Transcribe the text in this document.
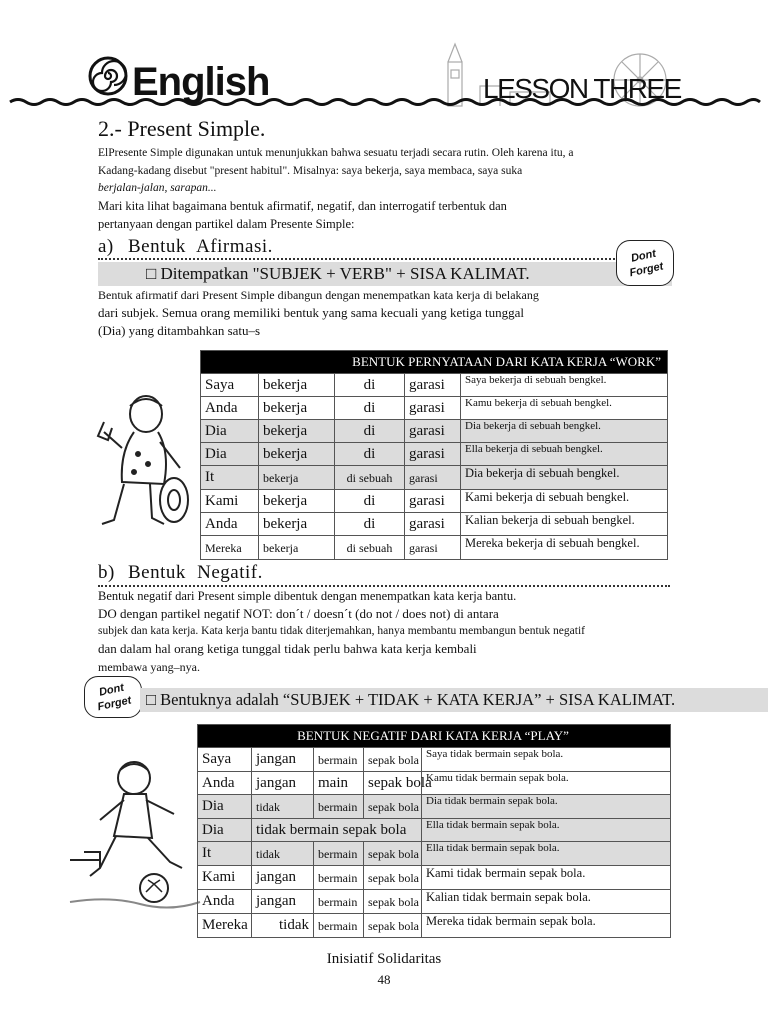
English	LESSON THREE
2.- Present Simple.
ElPresente Simple digunakan untuk menunjukkan bahwa sesuatu terjadi secara rutin. Oleh karena itu, a
Kadang-kadang disebut "present habitul". Misalnya: saya bekerja, saya membaca, saya suka
berjalan-jalan, sarapan...
Mari kita lihat bagaimana bentuk afirmatif, negatif, dan interrogatif terbentuk dan
pertanyaan dengan partikel dalam Presente Simple:
a) Bentuk Afirmasi.
□ Ditempatkan "SUBJEK + VERB" + SISA KALIMAT.
Dont
Forget
Bentuk afirmatif dari Present Simple dibangun dengan menempatkan kata kerja di belakang
dari subjek. Semua orang memiliki bentuk yang sama kecuali yang ketiga tunggal
(Dia) yang ditambahkan satu–s
BENTUK PERNYATAAN DARI KATA KERJA “WORK”				
Saya	bekerja	di	garasi	Saya bekerja di sebuah bengkel.
Anda	bekerja	di	garasi	Kamu bekerja di sebuah bengkel.
Dia	bekerja	di	garasi	Dia bekerja di sebuah bengkel.
Dia	bekerja	di	garasi	Ella bekerja di sebuah bengkel.
It	bekerja	di sebuah	garasi	Dia bekerja di sebuah bengkel.
Kami	bekerja	di	garasi	Kami bekerja di sebuah bengkel.
Anda	bekerja	di	garasi	Kalian bekerja di sebuah bengkel.
Mereka	bekerja	di sebuah	garasi	Mereka bekerja di sebuah bengkel.
b) Bentuk Negatif.
Bentuk negatif dari Present simple dibentuk dengan menempatkan kata kerja bantu.
DO dengan partikel negatif NOT: don´t / doesn´t (do not / does not) di antara
subjek dan kata kerja. Kata kerja bantu tidak diterjemahkan, hanya membantu membangun bentuk negatif
dan dalam hal orang ketiga tunggal tidak perlu bahwa kata kerja kembali
membawa yang–nya.
Dont
Forget □ Bentuknya adalah “SUBJEK + TIDAK + KATA KERJA” + SISA KALIMAT.
BENTUK NEGATIF DARI KATA KERJA “PLAY”				
Saya	jangan	bermain	sepak bola	Saya tidak bermain sepak bola.
Anda	jangan	main	sepak bola	Kamu tidak bermain sepak bola.
Dia	tidak	bermain	sepak bola	Dia tidak bermain sepak bola.
Dia	tidak bermain sepak bola			Ella tidak bermain sepak bola.
It	tidak	bermain	sepak bola	Ella tidak bermain sepak bola.
Kami	jangan	bermain	sepak bola	Kami tidak bermain sepak bola.
Anda	jangan	bermain	sepak bola	Kalian tidak bermain sepak bola.
Mereka	tidak	bermain	sepak bola	Mereka tidak bermain sepak bola.
Inisiatif Solidaritas
48
